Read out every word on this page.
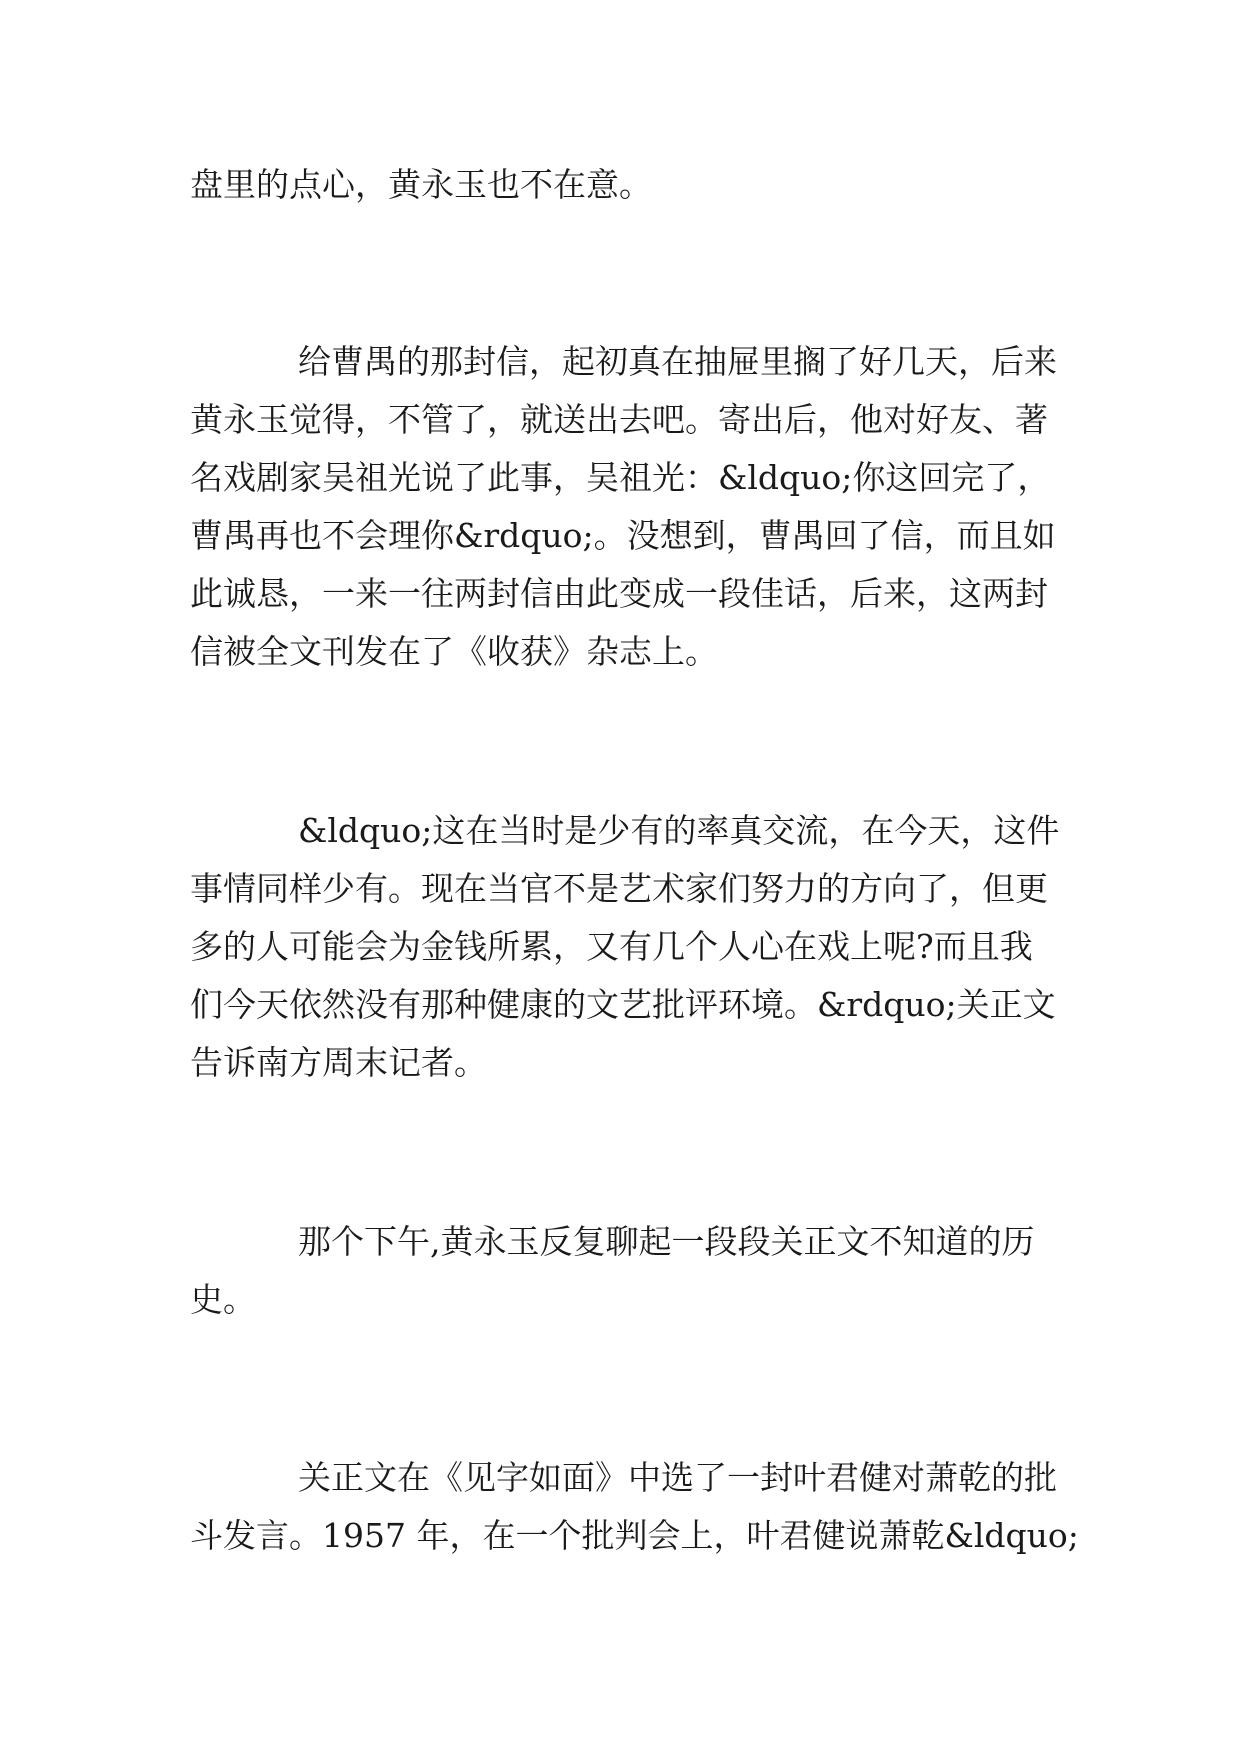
盘里的点心，黄永玉也不在意。

给曹禺的那封信，起初真在抽屉里搁了好几天，后来

黄永玉觉得，不管了，就送出去吧。寄出后，他对好友、著

名戏剧家吴祖光说了此事，吴祖光：&ldquo;你这回完了，

曹禺再也不会理你&rdquo;。没想到，曹禺回了信，而且如

此诚恳，一来一往两封信由此变成一段佳话，后来，这两封

信被全文刊发在了《收获》杂志上。

&ldquo;这在当时是少有的率真交流，在今天，这件

事情同样少有。现在当官不是艺术家们努力的方向了，但更

多的人可能会为金钱所累，又有几个人心在戏上呢?而且我

们今天依然没有那种健康的文艺批评环境。&rdquo;关正文

告诉南方周末记者。

那个下午,黄永玉反复聊起一段段关正文不知道的历

史。

关正文在《见字如面》中选了一封叶君健对萧乾的批

斗发言。1957 年，在一个批判会上，叶君健说萧乾&ldquo;
